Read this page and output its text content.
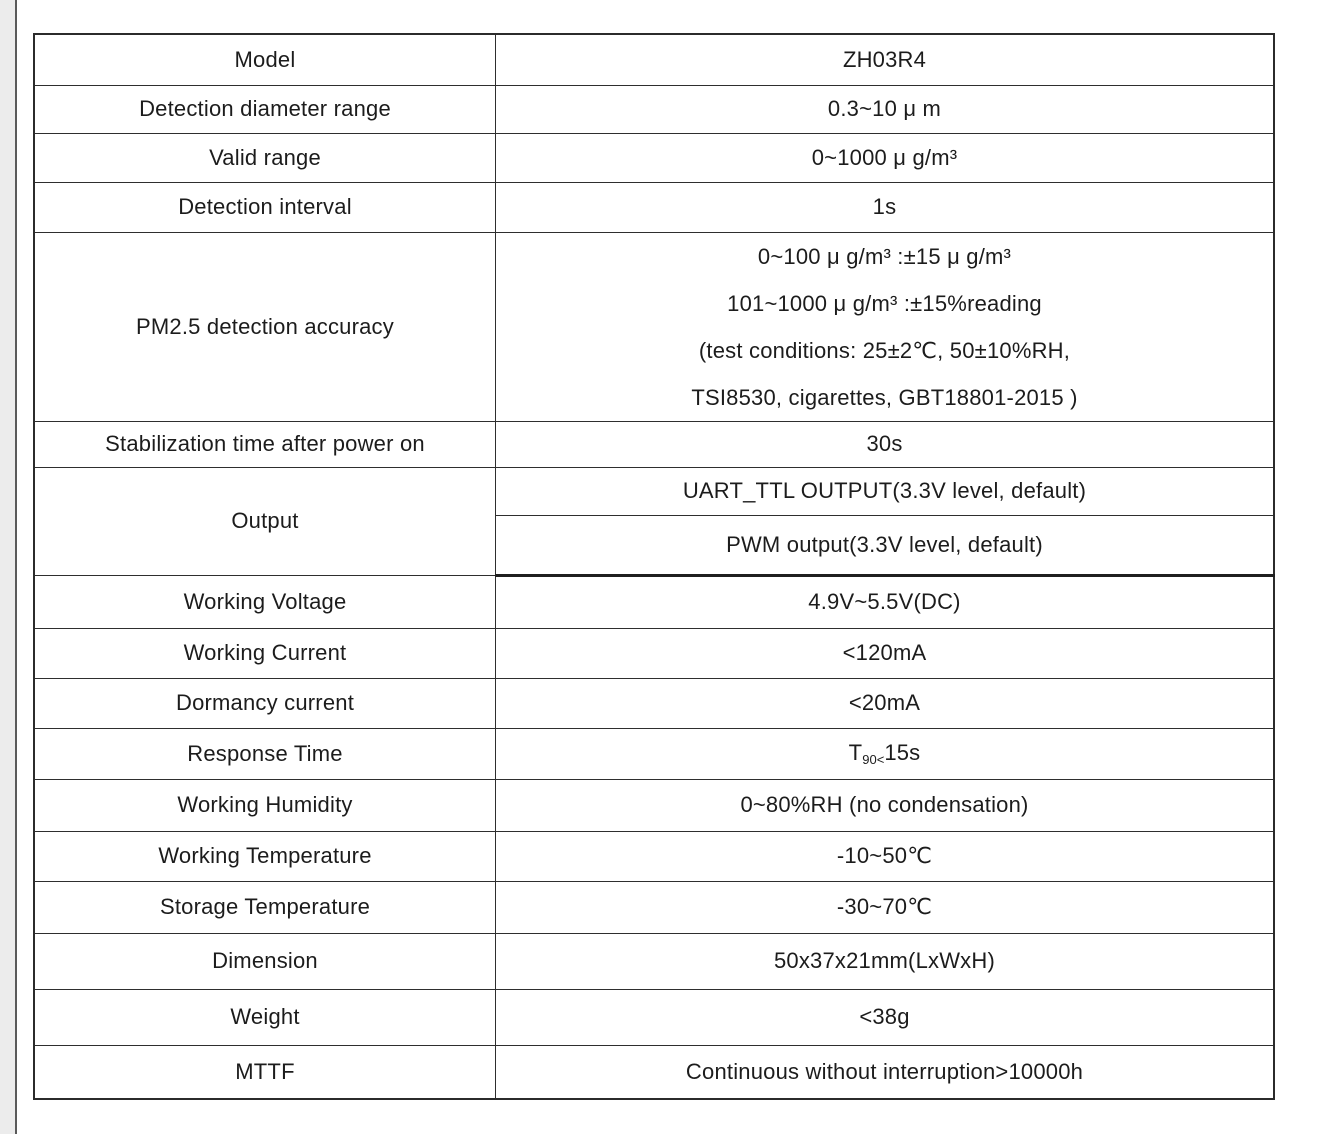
Model	ZH03R4
Detection diameter range	0.3~10 μ m
Valid range	0~1000 μ g/m³
Detection interval	1s
PM2.5 detection accuracy	0~100 μ g/m³ :±15 μ g/m³
101~1000 μ g/m³ :±15%reading
(test conditions: 25±2℃, 50±10%RH,
TSI8530, cigarettes, GBT18801-2015 )

Stabilization time after power on	30s
Output	UART_TTL OUTPUT(3.3V level, default)
	PWM output(3.3V level, default)
Working Voltage	4.9V~5.5V(DC)
Working Current	<120mA
Dormancy current	<20mA
Response Time	$T_{90<}15s$
Working Humidity	0~80%RH (no condensation)
Working Temperature	-10~50℃
Storage Temperature	-30~70℃
Dimension	50x37x21mm(LxWxH)
Weight	<38g
MTTF	Continuous without interruption>10000h
